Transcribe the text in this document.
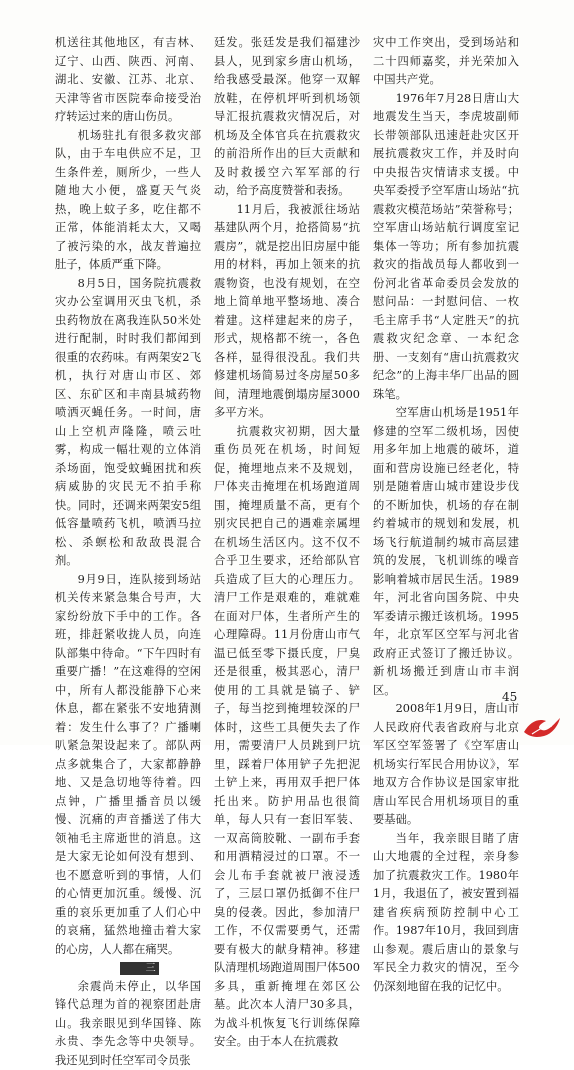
机送往其他地区，有吉林、辽宁、山西、陕西、河南、湖北、安徽、江苏、北京、天津等省市医院奉命接受治疗转运过来的唐山伤员。

机场驻扎有很多救灾部队，由于车电供应不足，卫生条件差，厕所少，一些人随地大小便，盛夏天气炎热，晚上蚊子多，吃住都不正常，体能消耗太大，又喝了被污染的水，战友普遍拉肚子，体质严重下降。

8月5日，国务院抗震救灾办公室调用灭虫飞机，杀虫药物放在离我连队50米处进行配制，时时我们都闻到很重的农药味。有两架安2飞机，执行对唐山市区、郊区、东矿区和丰南县城药物喷洒灭蝇任务。一时间，唐山上空机声隆隆，喷云吐雾，构成一幅壮观的立体消杀场面，饱受蚊蝇困扰和疾病威胁的灾民无不拍手称快。同时，还调来两架安5组低容量喷药飞机，喷洒马拉松、杀螟松和敌敌畏混合剂。

9月9日，连队接到场站机关传来紧急集合号声，大家纷纷放下手中的工作。各班，排赶紧收拢人员，向连队部集中待命。“下午四时有重要广播！”在这难得的空闲中，所有人都没能静下心来休息，都在紧张不安地猜测着：发生什么事了？广播喇叭紧急架设起来了。部队两点多就集合了，大家都静静地、又是急切地等待着。四点钟，广播里播音员以缓慢、沉痛的声音播送了伟大领袖毛主席逝世的消息。这是大家无论如何没有想到、也不愿意听到的事情，人们的心情更加沉重。缓慢、沉重的哀乐更加重了人们心中的哀痛，猛然地撞击着大家的心房，人人都在痛哭。

三

余震尚未停止，以华国锋代总理为首的视察团赴唐山。我亲眼见到华国锋、陈永贵、李先念等中央领导。我还见到时任空军司令员张

廷发。张廷发是我们福建沙县人，见到家乡唐山机场，给我感受最深。他穿一双解放鞋，在停机坪听到机场领导汇报抗震救灾情况后，对机场及全体官兵在抗震救灾的前沿所作出的巨大贡献和及时救援空六军军部的行动，给予高度赞誉和表扬。

11月后，我被派往场站基建队两个月，抢搭简易“抗震房”，就是挖出旧房屋中能用的材料，再加上领来的抗震物资，也没有规划，在空地上简单地平整场地、凑合着建。这样建起来的房子，形式，规格都不统一，各色各样，显得很没乱。我们共修建机场简易过冬房屋50多间，清理地震倒塌房屋3000多平方米。

抗震救灾初期，因大量重伤员死在机场，时间短促，掩埋地点来不及规划，尸体夹击掩埋在机场跑道周围，掩埋质量不高，更有个别灾民把自己的遇难亲属埋在机场生活区内。这不仅不合乎卫生要求，还给部队官兵造成了巨大的心理压力。清尸工作是艰难的，难就难在面对尸体，生者所产生的心理障碍。11月份唐山市气温已低至零下摄氏度，尸臭还是很重，极其恶心，清尸使用的工具就是镐子、铲子，每当挖到掩埋较深的尸体时，这些工具便失去了作用，需要清尸人员跳到尸坑里，踩着尸体用铲子先把泥土铲上来，再用双手把尸体托出来。防护用品也很简单，每人只有一套旧军装、一双高筒胶靴、一副布手套和用酒精浸过的口罩。不一会儿布手套就被尸液浸透了，三层口罩仍抵御不住尸臭的侵袭。因此，参加清尸工作，不仅需要勇气，还需要有极大的献身精神。移建队清理机场跑道周围尸体500多具，重新掩埋在郊区公墓。此次本人清尸30多具，为战斗机恢复飞行训练保障安全。由于本人在抗震救

灾中工作突出，受到场站和二十四师嘉奖，并光荣加入中国共产党。

1976年7月28日唐山大地震发生当天，李虎坡副师长带领部队迅速赶赴灾区开展抗震救灾工作，并及时向中央报告灾情请求支援。中央军委授予空军唐山场站“抗震救灾模范场站”荣誉称号；空军唐山场站航行调度室记集体一等功；所有参加抗震救灾的指战员每人都收到一份河北省革命委员会发放的慰问品：一封慰问信、一枚毛主席手书“人定胜天”的抗震救灾纪念章、一本纪念册、一支刻有“唐山抗震救灾纪念”的上海丰华厂出品的圆珠笔。

空军唐山机场是1951年修建的空军二级机场，因使用多年加上地震的破坏，道面和营房设施已经老化，特别是随着唐山城市建设步伐的不断加快，机场的存在制约着城市的规划和发展，机场飞行航道制约城市高层建筑的发展，飞机训练的噪音影响着城市居民生活。1989年，河北省向国务院、中央军委请示搬迁该机场。1995年，北京军区空军与河北省政府正式签订了搬迁协议。新机场搬迁到唐山市丰润区。

2008年1月9日，唐山市人民政府代表省政府与北京军区空军签署了《空军唐山机场实行军民合用协议》，军地双方合作协议是国家审批唐山军民合用机场项目的重要基础。

当年，我亲眼目睹了唐山大地震的全过程，亲身参加了抗震救灾工作。1980年1月，我退伍了，被安置到福建省疾病预防控制中心工作。1987年10月，我回到唐山参观。震后唐山的景象与军民全力救灾的情况，至今仍深刻地留在我的记忆中。

45
